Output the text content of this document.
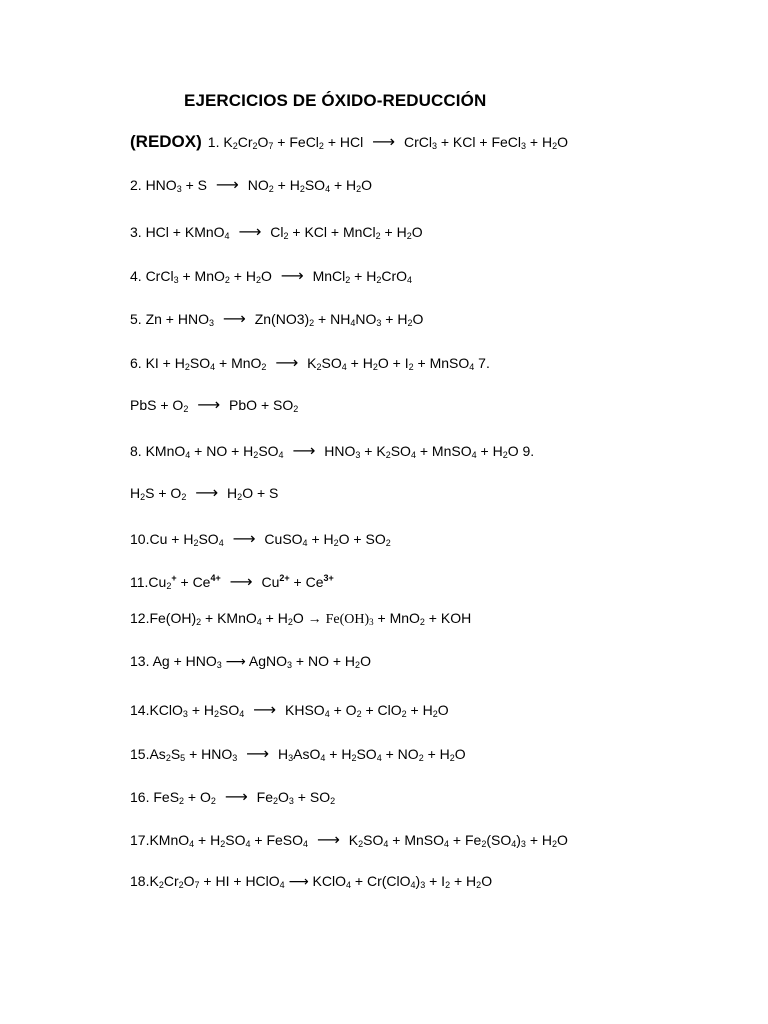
EJERCICIOS DE ÓXIDO-REDUCCIÓN
(REDOX) 1. $K_2Cr_2O_7$ + FeCl$_2$ + HCl ⟶ CrCl$_3$ + KCl + FeCl$_3$ + $H_2O$
2. $HNO_3 + S$ ⟶ $NO_2 + H_2SO_4 + H_2O$
3. HCl + KMnO$_4$ ⟶ $Cl_2$ + KCl + MnCl$_2$ + $H_2O$
4. CrCl$_3$ + $MnO_2 + H_2O$ ⟶ MnCl$_2$ + $H_2CrO_4$
5. $Zn + HNO_3$ ⟶ $Zn(NO3)_2 + NH_4NO_3 + H_2O$
6. KI + $H_2SO_4 + MnO_2$ ⟶ $K_2SO_4 + H_2O + I_2$ + MnSO$_4$ 7.
PbS + $O_2$ ⟶ PbO + $SO_2$
8. KMnO$_4$ + NO + $H_2SO_4$ ⟶ $HNO_3 + K_2SO_4$ + MnSO$_4$ + $H_2O$ 9.
$H_2S + O_2$ ⟶ $H_2O + S$
$10.Cu + H_2SO_4$ ⟶ CuSO$_4$ + $H_2O + SO_2$
$11.Cu_2^+ + Ce^{4+}$ ⟶ $Cu^{2+} + Ce^{3+}$
$12.Fe(OH)_2$ + KMnO$_4$ + $H_2O \to Fe(OH)_3 + MnO_2$ + KOH
13. $Ag + HNO_3$ ⟶ AgNO$_3$ + NO + $H_2O$
14.KClO$_3$ + $H_2SO_4$ ⟶ $KHSO_4 + O_2 + ClO_2 + H_2O$
$15.As_2S_5 + HNO_3$ ⟶ $H_3AsO_4 + H_2SO_4 + NO_2 + H_2O$
16. $FeS_2 + O_2$ ⟶ $Fe_2O_3 + SO_2$
17.KMnO$_4$ + $H_2SO_4$ + FeSO$_4$ ⟶ $K_2SO_4$ + MnSO$_4$ + $Fe_2(SO_4)_3 + H_2O$
$18.K_2Cr_2O_7$ + HI + HClO$_4$ ⟶ KClO$_4$ + $Cr(ClO_4)_3 + I_2 + H_2O$
